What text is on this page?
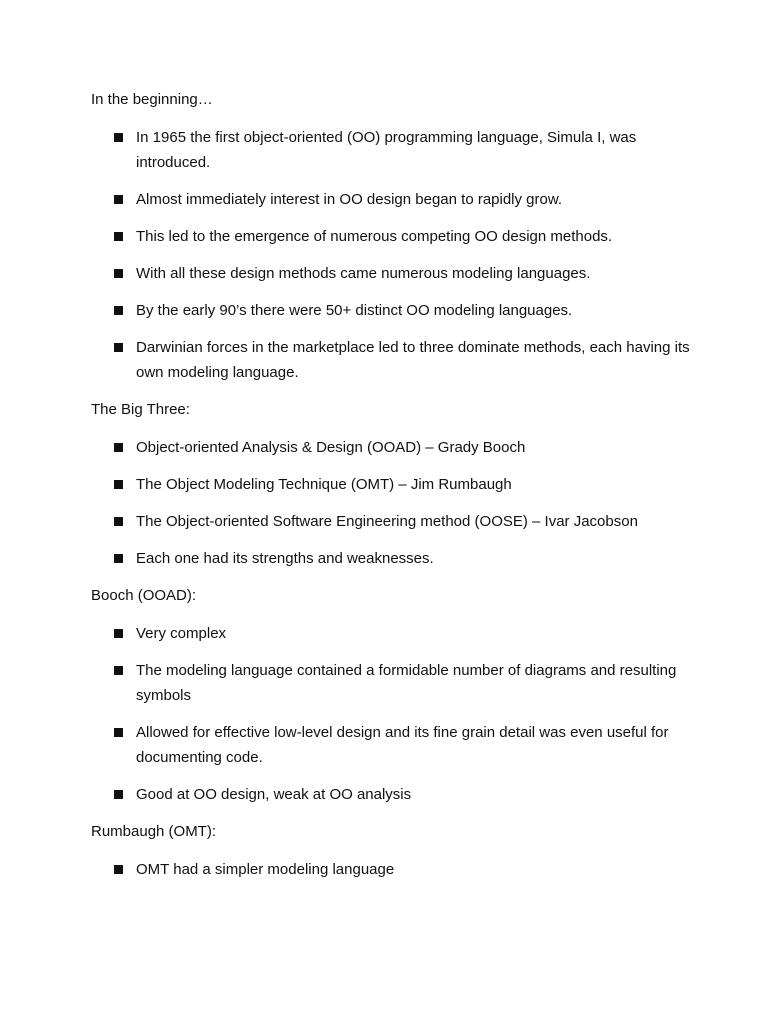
In the beginning…
In 1965 the first object-oriented (OO) programming language, Simula I, was introduced.
Almost immediately interest in OO design began to rapidly grow.
This led to the emergence of numerous competing OO design methods.
With all these design methods came numerous modeling languages.
By the early 90’s there were 50+ distinct OO modeling languages.
Darwinian forces in the marketplace led to three dominate methods, each having its own modeling language.
The Big Three:
Object-oriented Analysis & Design (OOAD) – Grady Booch
The Object Modeling Technique (OMT) – Jim Rumbaugh
The Object-oriented Software Engineering method (OOSE) – Ivar Jacobson
Each one had its strengths and weaknesses.
Booch (OOAD):
Very complex
The modeling language contained a formidable number of diagrams and resulting symbols
Allowed for effective low-level design and its fine grain detail was even useful for documenting code.
Good at OO design, weak at OO analysis
Rumbaugh (OMT):
OMT had a simpler modeling language
